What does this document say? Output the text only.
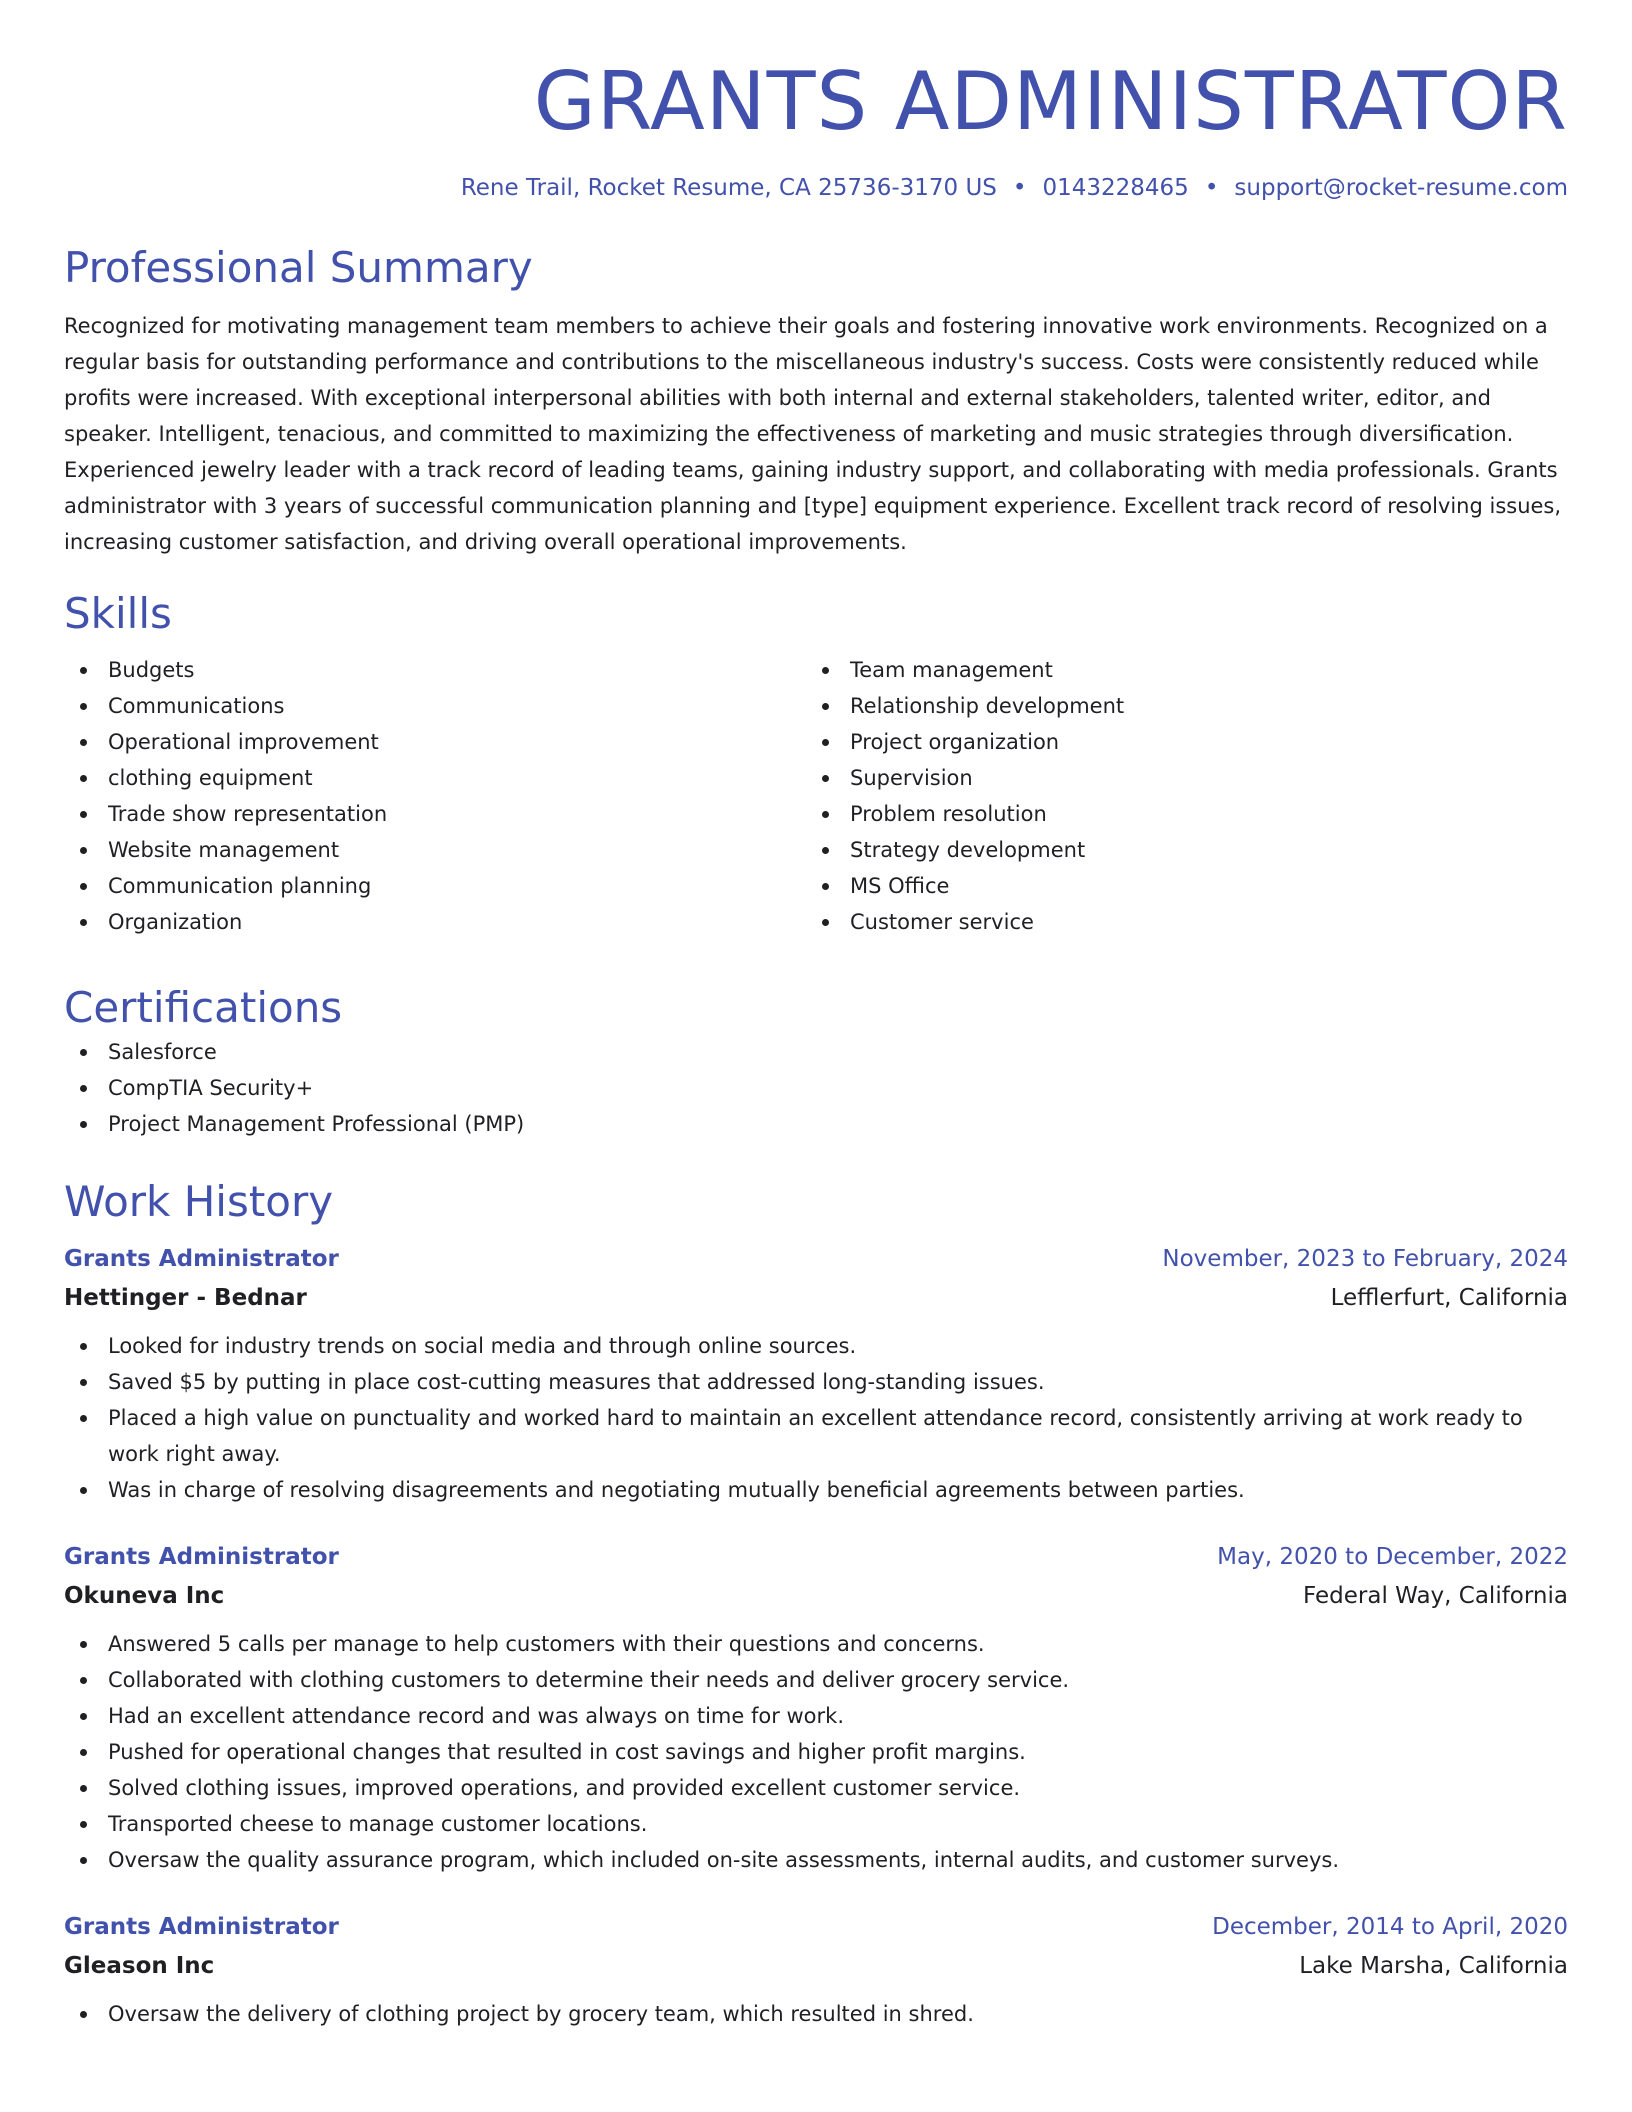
GRANTS ADMINISTRATOR
Rene Trail, Rocket Resume, CA 25736-3170 US • 0143228465 • support@rocket-resume.com
Professional Summary
Recognized for motivating management team members to achieve their goals and fostering innovative work environments. Recognized on a regular basis for outstanding performance and contributions to the miscellaneous industry's success. Costs were consistently reduced while profits were increased. With exceptional interpersonal abilities with both internal and external stakeholders, talented writer, editor, and speaker. Intelligent, tenacious, and committed to maximizing the effectiveness of marketing and music strategies through diversification. Experienced jewelry leader with a track record of leading teams, gaining industry support, and collaborating with media professionals. Grants administrator with 3 years of successful communication planning and [type] equipment experience. Excellent track record of resolving issues, increasing customer satisfaction, and driving overall operational improvements.
Skills
Budgets
Communications
Operational improvement
clothing equipment
Trade show representation
Website management
Communication planning
Organization
Team management
Relationship development
Project organization
Supervision
Problem resolution
Strategy development
MS Office
Customer service
Certifications
Salesforce
CompTIA Security+
Project Management Professional (PMP)
Work History
Grants Administrator	November, 2023 to February, 2024
Hettinger - Bednar	Lefflerfurt, California
Looked for industry trends on social media and through online sources.
Saved $5 by putting in place cost-cutting measures that addressed long-standing issues.
Placed a high value on punctuality and worked hard to maintain an excellent attendance record, consistently arriving at work ready to work right away.
Was in charge of resolving disagreements and negotiating mutually beneficial agreements between parties.
Grants Administrator	May, 2020 to December, 2022
Okuneva Inc	Federal Way, California
Answered 5 calls per manage to help customers with their questions and concerns.
Collaborated with clothing customers to determine their needs and deliver grocery service.
Had an excellent attendance record and was always on time for work.
Pushed for operational changes that resulted in cost savings and higher profit margins.
Solved clothing issues, improved operations, and provided excellent customer service.
Transported cheese to manage customer locations.
Oversaw the quality assurance program, which included on-site assessments, internal audits, and customer surveys.
Grants Administrator	December, 2014 to April, 2020
Gleason Inc	Lake Marsha, California
Oversaw the delivery of clothing project by grocery team, which resulted in shred.
